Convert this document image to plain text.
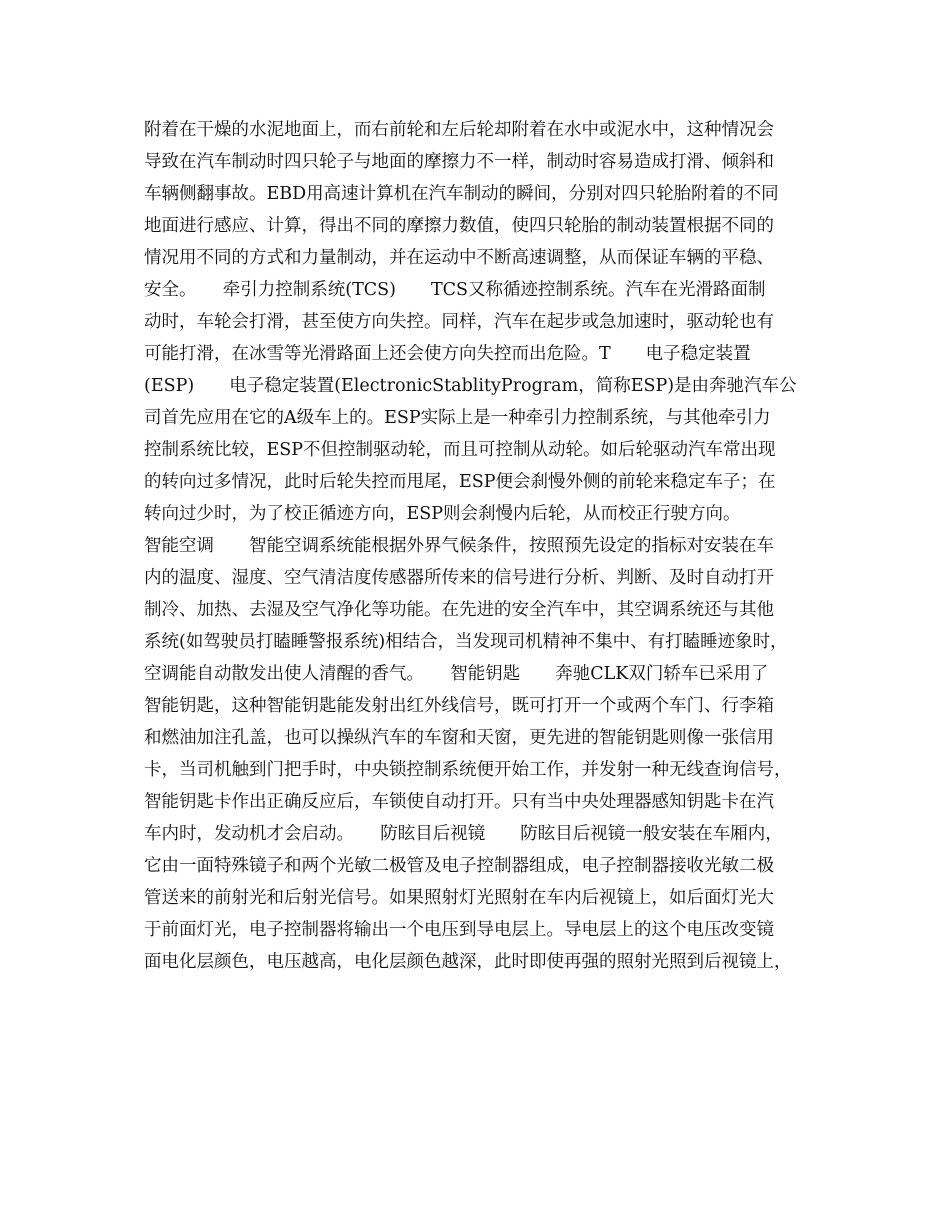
附着在干燥的水泥地面上，而右前轮和左后轮却附着在水中或泥水中，这种情况会
导致在汽车制动时四只轮子与地面的摩擦力不一样，制动时容易造成打滑、倾斜和
车辆侧翻事故。EBD用高速计算机在汽车制动的瞬间，分别对四只轮胎附着的不同
地面进行感应、计算，得出不同的摩擦力数值，使四只轮胎的制动装置根据不同的
情况用不同的方式和力量制动，并在运动中不断高速调整，从而保证车辆的平稳、
安全。　　牵引力控制系统(TCS)　　TCS又称循迹控制系统。汽车在光滑路面制
动时，车轮会打滑，甚至使方向失控。同样，汽车在起步或急加速时，驱动轮也有
可能打滑，在冰雪等光滑路面上还会使方向失控而出危险。T　　电子稳定装置
(ESP)　　电子稳定装置(ElectronicStablityProgram，简称ESP)是由奔驰汽车公
司首先应用在它的A级车上的。ESP实际上是一种牵引力控制系统，与其他牵引力
控制系统比较，ESP不但控制驱动轮，而且可控制从动轮。如后轮驱动汽车常出现
的转向过多情况，此时后轮失控而甩尾，ESP便会刹慢外侧的前轮来稳定车子；在
转向过少时，为了校正循迹方向，ESP则会刹慢内后轮，从而校正行驶方向。
智能空调　　智能空调系统能根据外界气候条件，按照预先设定的指标对安装在车
内的温度、湿度、空气清洁度传感器所传来的信号进行分析、判断、及时自动打开
制冷、加热、去湿及空气净化等功能。在先进的安全汽车中，其空调系统还与其他
系统(如驾驶员打瞌睡警报系统)相结合，当发现司机精神不集中、有打瞌睡迹象时，
空调能自动散发出使人清醒的香气。　　智能钥匙　　奔驰CLK双门轿车已采用了
智能钥匙，这种智能钥匙能发射出红外线信号，既可打开一个或两个车门、行李箱
和燃油加注孔盖，也可以操纵汽车的车窗和天窗，更先进的智能钥匙则像一张信用
卡，当司机触到门把手时，中央锁控制系统便开始工作，并发射一种无线查询信号，
智能钥匙卡作出正确反应后，车锁使自动打开。只有当中央处理器感知钥匙卡在汽
车内时，发动机才会启动。　　防眩目后视镜　　防眩目后视镜一般安装在车厢内，
它由一面特殊镜子和两个光敏二极管及电子控制器组成，电子控制器接收光敏二极
管送来的前射光和后射光信号。如果照射灯光照射在车内后视镜上，如后面灯光大
于前面灯光，电子控制器将输出一个电压到导电层上。导电层上的这个电压改变镜
面电化层颜色，电压越高，电化层颜色越深，此时即使再强的照射光照到后视镜上，
